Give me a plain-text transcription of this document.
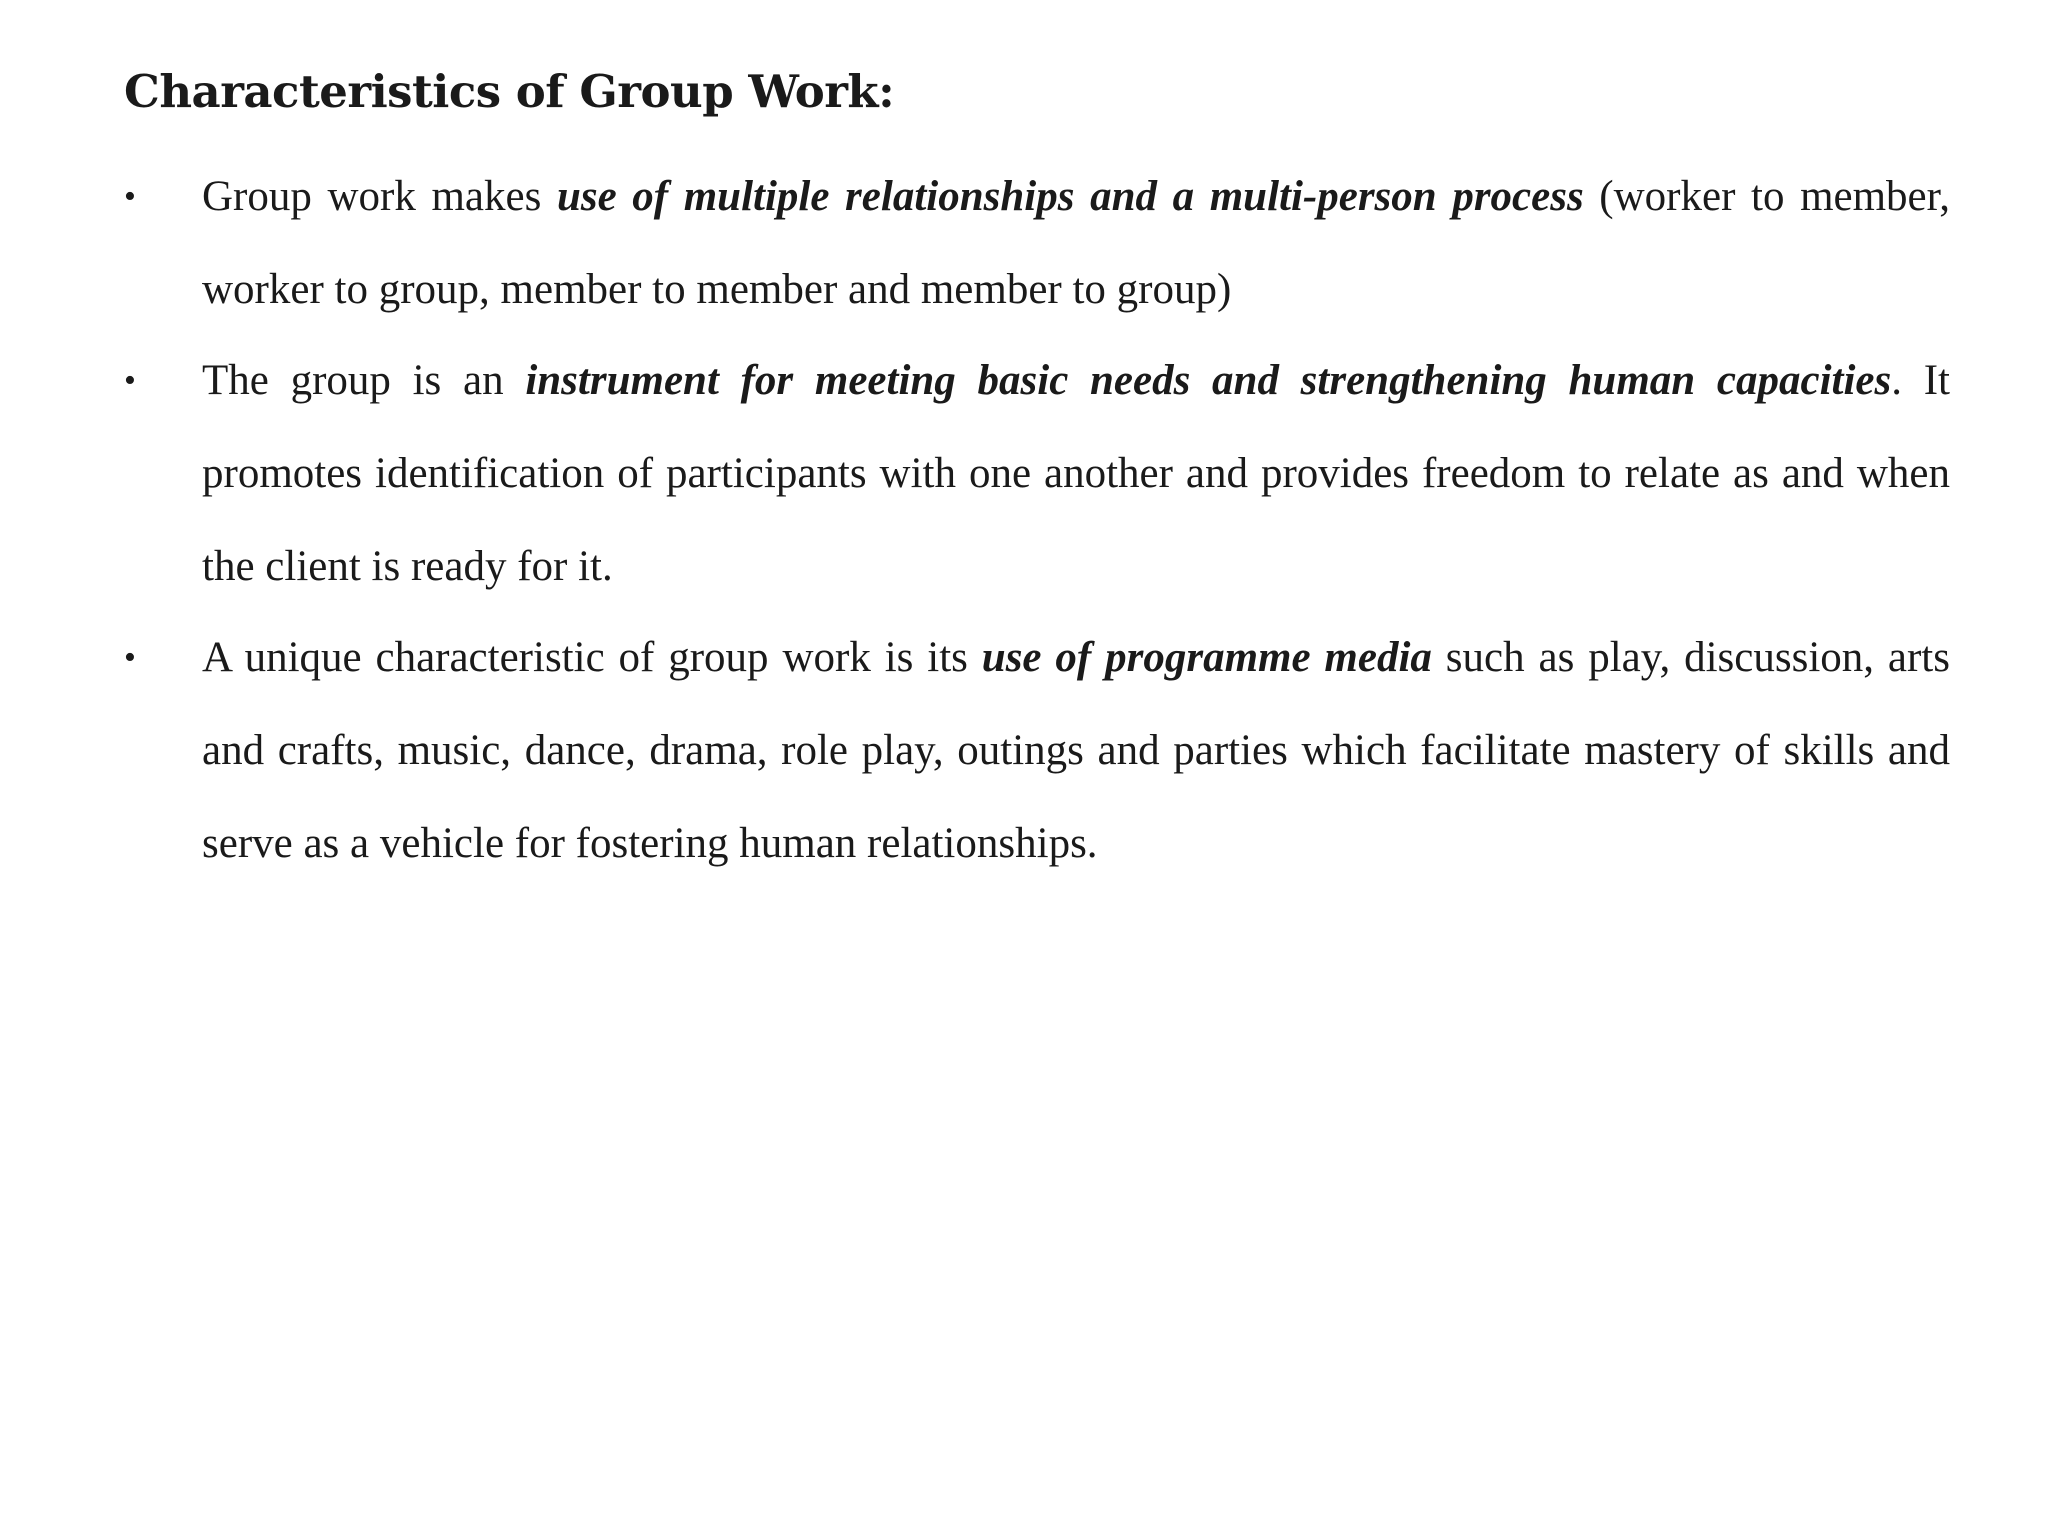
Characteristics of Group Work:
•	Group work makes use of multiple relationships and a multi-person process (worker to member, worker to group, member to member and member to group)
•	The group is an instrument for meeting basic needs and strengthening human capacities. It promotes identification of participants with one another and provides freedom to relate as and when the client is ready for it.
•	A unique characteristic of group work is its use of programme media such as play, discussion, arts and crafts, music, dance, drama, role play, outings and parties which facilitate mastery of skills and serve as a vehicle for fostering human relationships.
